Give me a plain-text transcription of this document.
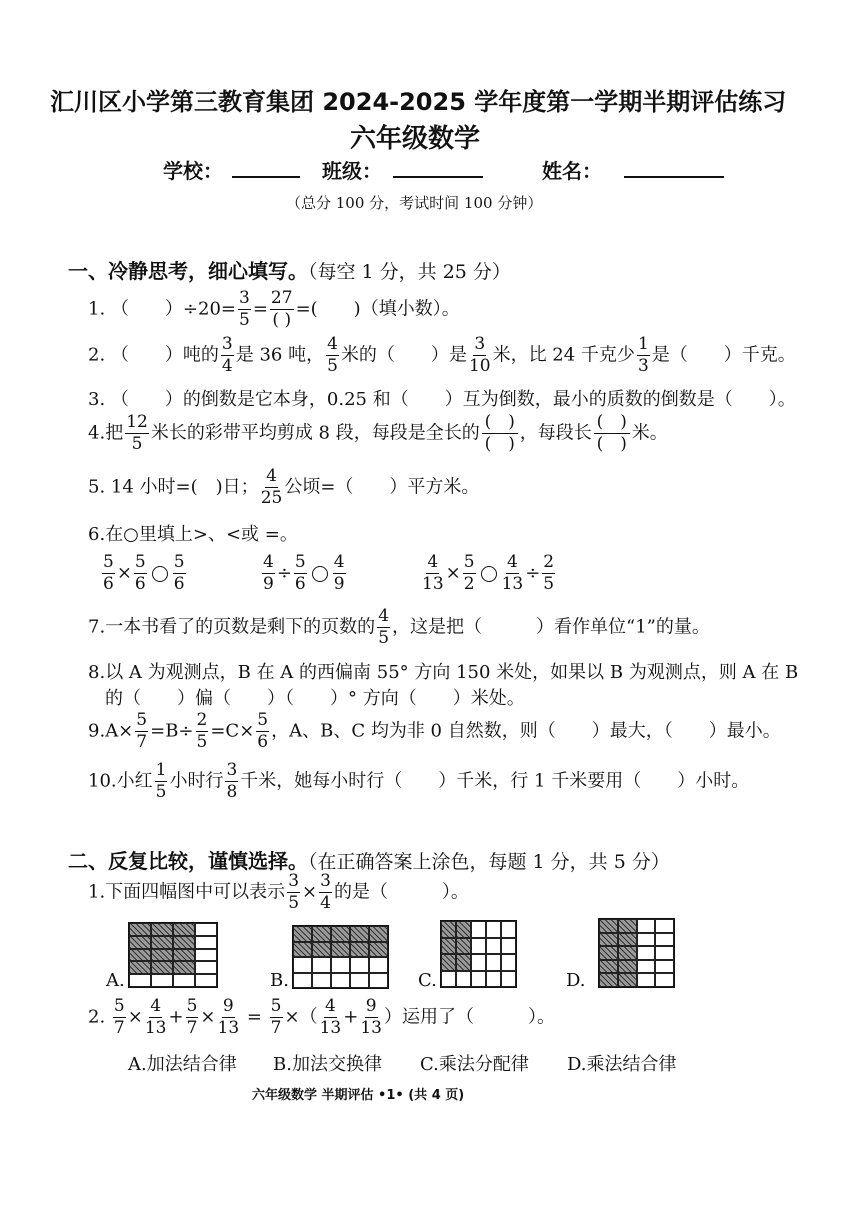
汇川区小学第三教育集团 2024-2025 学年度第一学期半期评估练习
六年级数学
学校：	班级：	姓名：
（总分 100 分，考试时间 100 分钟）
一、冷静思考，细心填写。（每空 1 分，共 25 分）
1. （　　）$\div 20= \frac{3}{5} = \frac{27}{( )}$ =(　　)（填小数）。
2. （　　）吨的 $\frac{3}{4}$ 是 36 吨， $\frac{4}{5}$ 米的（　　）是 $\frac{3}{10}$ 米，比 24 千克少 $\frac{1}{3}$ 是（　　）千克。
3. （　　）的倒数是它本身，0.25 和（　　）互为倒数，最小的质数的倒数是（　　）。
4.把 $\frac{12}{5}$ 米长的彩带平均剪成 8 段，每段是全长的 $\frac{( )}{( )}$ ，每段长 $\frac{( )}{( )}$ 米。
5. 14 小时=(　)日； $\frac{4}{25}$ 公顷=（　　）平方米。
6.在○里填上>、<或 =。
$\frac{5}{6} \times \frac{5}{6} \frac{5}{6}$	$\frac{4}{9} \div \frac{5}{6} \frac{4}{9}$	$\frac{4}{13} \times \frac{5}{2} \frac{4}{13} \div \frac{2}{5}$
7.一本书看了的页数是剩下的页数的 $\frac{4}{5}$ ，这是把（　　　）看作单位“1”的量。
8.以 A 为观测点，B 在 A 的西偏南 55° 方向 150 米处，如果以 B 为观测点，则 A 在 B
的（　　）偏（　　）（　　）° 方向（　　）米处。
$9.A\times \frac{5}{7} =B\div \frac{2}{5} =C\times \frac{5}{6}$ ，A、B、C 均为非 0 自然数，则（　　）最大，（　　）最小。
10.小红 $\frac{1}{5}$ 小时行 $\frac{3}{8}$ 千米，她每小时行（　　）千米，行 1 千米要用（　　）小时。
二、反复比较，谨慎选择。（在正确答案上涂色，每题 1 分，共 5 分）
1.下面四幅图中可以表示 $\frac{3}{5} \times \frac{3}{4}$ 的是（　　　）。
A.	B.	C.	D.
2. $\frac{5}{7} \times \frac{4}{13} + \frac{5}{7} \times \frac{9}{13} = \frac{5}{7}$ ×（ $\frac{4}{13} + \frac{9}{13}$ ）运用了（　　　）。
A.加法结合律 B.加法交换律 C.乘法分配律 D.乘法结合律
六年级数学 半期评估 •1• (共 4 页)
